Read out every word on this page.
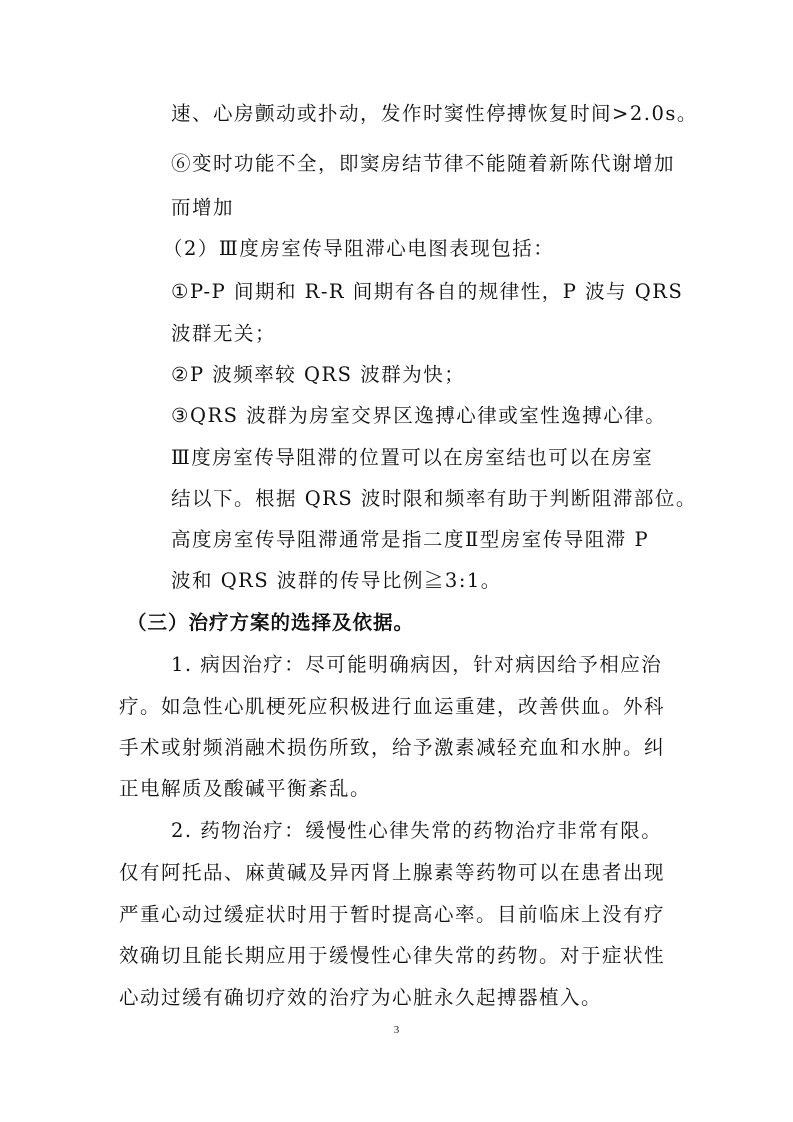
速、心房颤动或扑动，发作时窦性停搏恢复时间>2.0s。
⑥变时功能不全，即窦房结节律不能随着新陈代谢增加
而增加
（2）Ⅲ度房室传导阻滞心电图表现包括：
①P-P 间期和 R-R 间期有各自的规律性，P 波与 QRS
波群无关；
②P 波频率较 QRS 波群为快；
③QRS 波群为房室交界区逸搏心律或室性逸搏心律。
Ⅲ度房室传导阻滞的位置可以在房室结也可以在房室
结以下。根据 QRS 波时限和频率有助于判断阻滞部位。
高度房室传导阻滞通常是指二度Ⅱ型房室传导阻滞 P
波和 QRS 波群的传导比例≧3:1。
（三）治疗方案的选择及依据。
1. 病因治疗：尽可能明确病因，针对病因给予相应治
疗。如急性心肌梗死应积极进行血运重建，改善供血。外科
手术或射频消融术损伤所致，给予激素减轻充血和水肿。纠
正电解质及酸碱平衡紊乱。
2. 药物治疗：缓慢性心律失常的药物治疗非常有限。
仅有阿托品、麻黄碱及异丙肾上腺素等药物可以在患者出现
严重心动过缓症状时用于暂时提高心率。目前临床上没有疗
效确切且能长期应用于缓慢性心律失常的药物。对于症状性
心动过缓有确切疗效的治疗为心脏永久起搏器植入。
3
